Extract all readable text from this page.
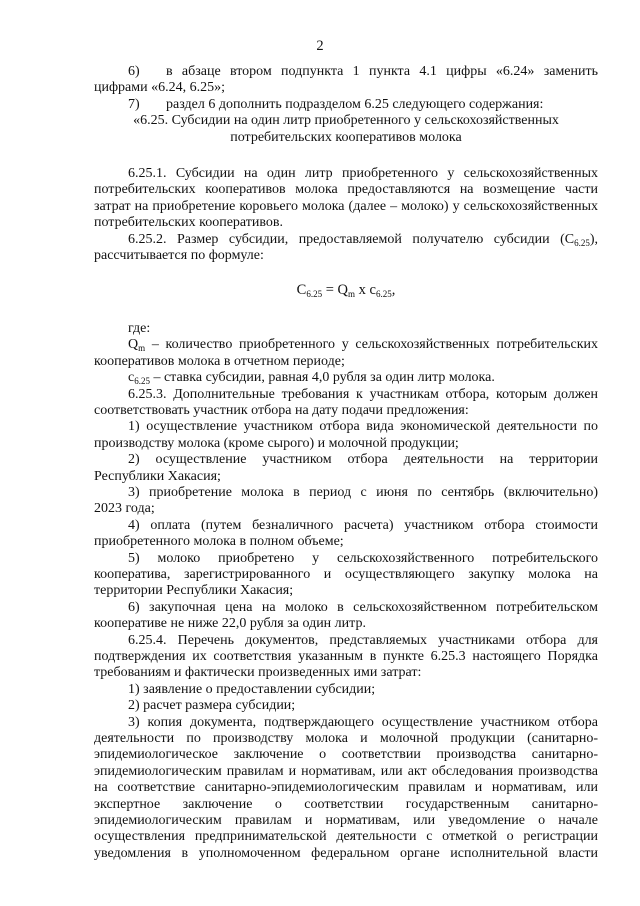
2

6) в абзаце втором подпункта 1 пункта 4.1 цифры «6.24» заменить

цифрами «6.24, 6.25»;

7) раздел 6 дополнить подразделом 6.25 следующего содержания:

«6.25. Субсидии на один литр приобретенного у сельскохозяйственных

потребительских кооперативов молока

6.25.1. Субсидии на один литр приобретенного у сельскохозяйственных

потребительских кооперативов молока предоставляются на возмещение части

затрат на приобретение коровьего молока (далее – молоко) у сельскохозяйственных

потребительских кооперативов.

6.25.2. Размер субсидии, предоставляемой получателю субсидии $(С_{6.25})$,

рассчитывается по формуле:

$С_{6.25} = Q_m$ x $с_{6.25}$,

где:

$Q_m$ – количество приобретенного у сельскохозяйственных потребительских

кооперативов молока в отчетном периоде;

$с_{6.25}$ – ставка субсидии, равная 4,0 рубля за один литр молока.

6.25.3. Дополнительные требования к участникам отбора, которым должен

соответствовать участник отбора на дату подачи предложения:

1) осуществление участником отбора вида экономической деятельности по

производству молока (кроме сырого) и молочной продукции;

2) осуществление участником отбора деятельности на территории

Республики Хакасия;

3) приобретение молока в период с июня по сентябрь (включительно)

2023 года;

4) оплата (путем безналичного расчета) участником отбора стоимости

приобретенного молока в полном объеме;

5) молоко приобретено у сельскохозяйственного потребительского

кооператива, зарегистрированного и осуществляющего закупку молока на

территории Республики Хакасия;

6) закупочная цена на молоко в сельскохозяйственном потребительском

кооперативе не ниже 22,0 рубля за один литр.

6.25.4. Перечень документов, представляемых участниками отбора для

подтверждения их соответствия указанным в пункте 6.25.3 настоящего Порядка

требованиям и фактически произведенных ими затрат:

1) заявление о предоставлении субсидии;

2) расчет размера субсидии;

3) копия документа, подтверждающего осуществление участником отбора

деятельности по производству молока и молочной продукции (санитарно-

эпидемиологическое заключение о соответствии производства санитарно-

эпидемиологическим правилам и нормативам, или акт обследования производства

на соответствие санитарно-эпидемиологическим правилам и нормативам, или

экспертное заключение о соответствии государственным санитарно-

эпидемиологическим правилам и нормативам, или уведомление о начале

осуществления предпринимательской деятельности с отметкой о регистрации

уведомления в уполномоченном федеральном органе исполнительной власти
